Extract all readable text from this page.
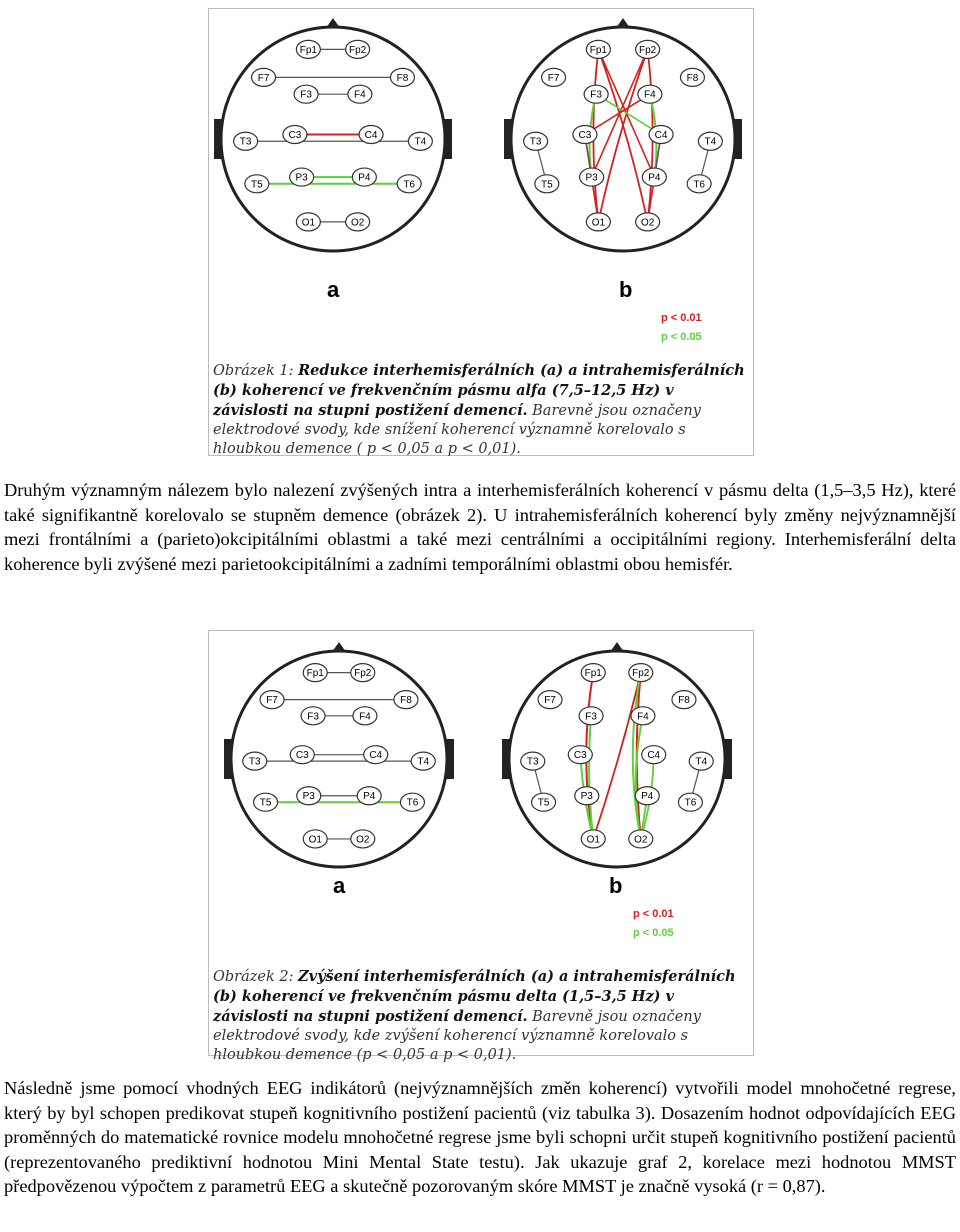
Fp1	Fp2
F7	F8
F3	F4
C3	C4
T3	T4
P3	P4
T5	T6
O1	O2
Fp1	Fp2
F7	F8
F3	F4
C3	C4
T3	T4
P3	P4
T5	T6
O1	O2
a	b
p < 0.01
p < 0.05
Obrázek 1: Redukce interhemisferálních (a) a intrahemisferálních (b) koherencí ve frekvenčním pásmu alfa (7,5–12,5 Hz) v závislosti na stupni postižení demencí. Barevně jsou označeny elektrodové svody, kde snížení koherencí významně korelovalo s hloubkou demence ( p < 0,05 a p < 0,01).

Druhým významným nálezem bylo nalezení zvýšených intra a interhemisferálních koherencí v pásmu delta (1,5–3,5 Hz), které také signifikantně korelovalo se stupněm demence (obrázek 2). U intrahemisferálních koherencí byly změny nejvýznamnější mezi frontálními a (parieto)okcipitálními oblastmi a také mezi centrálními a occipitálními regiony. Interhemisferální delta koherence byli zvýšené mezi parietookcipitálními a zadními temporálními oblastmi obou hemisfér.

Fp1	Fp2
F7	F8
F3	F4
C3	C4
T3	T4
P3	P4
T5	T6
O1	O2
Fp1	Fp2
F7	F8
F3	F4
C3	C4
T3	T4
P3	P4
T5	T6
O1	O2
a	b
p < 0.01
p < 0.05
Obrázek 2: Zvýšení interhemisferálních (a) a intrahemisferálních (b) koherencí ve frekvenčním pásmu delta (1,5–3,5 Hz) v závislosti na stupni postižení demencí. Barevně jsou označeny elektrodové svody, kde zvýšení koherencí významně korelovalo s hloubkou demence (p < 0,05 a p < 0,01).

Následně jsme pomocí vhodných EEG indikátorů (nejvýznamnějších změn koherencí) vytvořili model mnohočetné regrese, který by byl schopen predikovat stupeň kognitivního postižení pacientů (viz tabulka 3). Dosazením hodnot odpovídajících EEG proměnných do matematické rovnice modelu mnohočetné regrese jsme byli schopni určit stupeň kognitivního postižení pacientů (reprezentovaného prediktivní hodnotou Mini Mental State testu). Jak ukazuje graf 2, korelace mezi hodnotou MMST předpovězenou výpočtem z parametrů EEG a skutečně pozorovaným skóre MMST je značně vysoká (r = 0,87).
